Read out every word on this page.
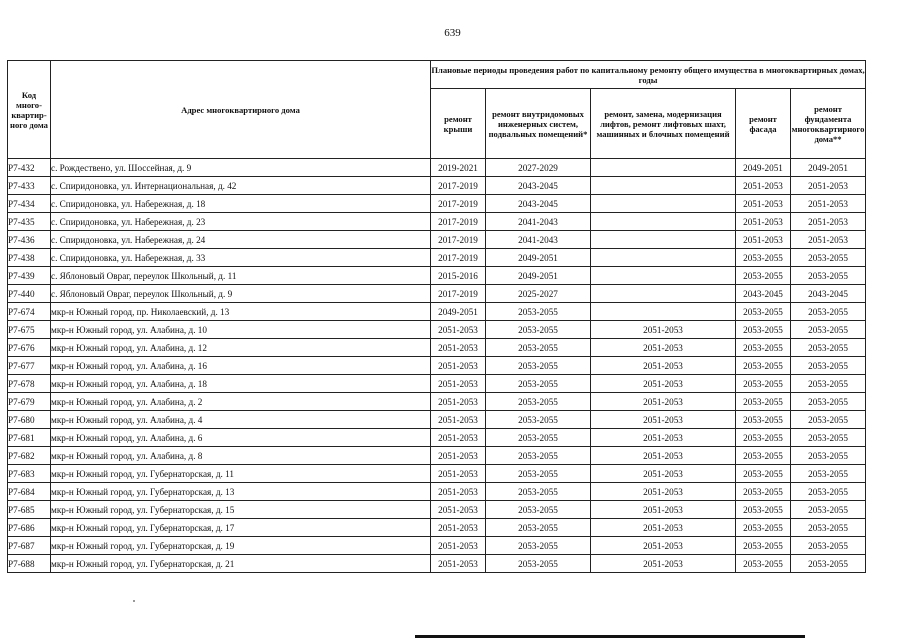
639
Код много-квартир-ного дома	Адрес многоквартирного дома	Плановые периоды проведения работ по капитальному ремонту общего имущества в многоквартирных домах, годы				
		ремонт крыши	ремонт внутридомовых инженерных систем, подвальных помещений*	ремонт, замена, модернизация лифтов, ремонт лифтовых шахт, машинных и блочных помещений	ремонт фасада	ремонт фундамента многоквартирного дома**
Р7-432	с. Рождествено, ул. Шоссейная, д. 9	2019-2021	2027-2029		2049-2051	2049-2051
Р7-433	с. Спиридоновка, ул. Интернациональная, д. 42	2017-2019	2043-2045		2051-2053	2051-2053
Р7-434	с. Спиридоновка, ул. Набережная, д. 18	2017-2019	2043-2045		2051-2053	2051-2053
Р7-435	с. Спиридоновка, ул. Набережная, д. 23	2017-2019	2041-2043		2051-2053	2051-2053
Р7-436	с. Спиридоновка, ул. Набережная, д. 24	2017-2019	2041-2043		2051-2053	2051-2053
Р7-438	с. Спиридоновка, ул. Набережная, д. 33	2017-2019	2049-2051		2053-2055	2053-2055
Р7-439	с. Яблоновый Овраг, переулок Школьный, д. 11	2015-2016	2049-2051		2053-2055	2053-2055
Р7-440	с. Яблоновый Овраг, переулок Школьный, д. 9	2017-2019	2025-2027		2043-2045	2043-2045
Р7-674	мкр-н Южный город, пр. Николаевский, д. 13	2049-2051	2053-2055		2053-2055	2053-2055
Р7-675	мкр-н Южный город, ул. Алабина, д. 10	2051-2053	2053-2055	2051-2053	2053-2055	2053-2055
Р7-676	мкр-н Южный город, ул. Алабина, д. 12	2051-2053	2053-2055	2051-2053	2053-2055	2053-2055
Р7-677	мкр-н Южный город, ул. Алабина, д. 16	2051-2053	2053-2055	2051-2053	2053-2055	2053-2055
Р7-678	мкр-н Южный город, ул. Алабина, д. 18	2051-2053	2053-2055	2051-2053	2053-2055	2053-2055
Р7-679	мкр-н Южный город, ул. Алабина, д. 2	2051-2053	2053-2055	2051-2053	2053-2055	2053-2055
Р7-680	мкр-н Южный город, ул. Алабина, д. 4	2051-2053	2053-2055	2051-2053	2053-2055	2053-2055
Р7-681	мкр-н Южный город, ул. Алабина, д. 6	2051-2053	2053-2055	2051-2053	2053-2055	2053-2055
Р7-682	мкр-н Южный город, ул. Алабина, д. 8	2051-2053	2053-2055	2051-2053	2053-2055	2053-2055
Р7-683	мкр-н Южный город, ул. Губернаторская, д. 11	2051-2053	2053-2055	2051-2053	2053-2055	2053-2055
Р7-684	мкр-н Южный город, ул. Губернаторская, д. 13	2051-2053	2053-2055	2051-2053	2053-2055	2053-2055
Р7-685	мкр-н Южный город, ул. Губернаторская, д. 15	2051-2053	2053-2055	2051-2053	2053-2055	2053-2055
Р7-686	мкр-н Южный город, ул. Губернаторская, д. 17	2051-2053	2053-2055	2051-2053	2053-2055	2053-2055
Р7-687	мкр-н Южный город, ул. Губернаторская, д. 19	2051-2053	2053-2055	2051-2053	2053-2055	2053-2055
Р7-688	мкр-н Южный город, ул. Губернаторская, д. 21	2051-2053	2053-2055	2051-2053	2053-2055	2053-2055
